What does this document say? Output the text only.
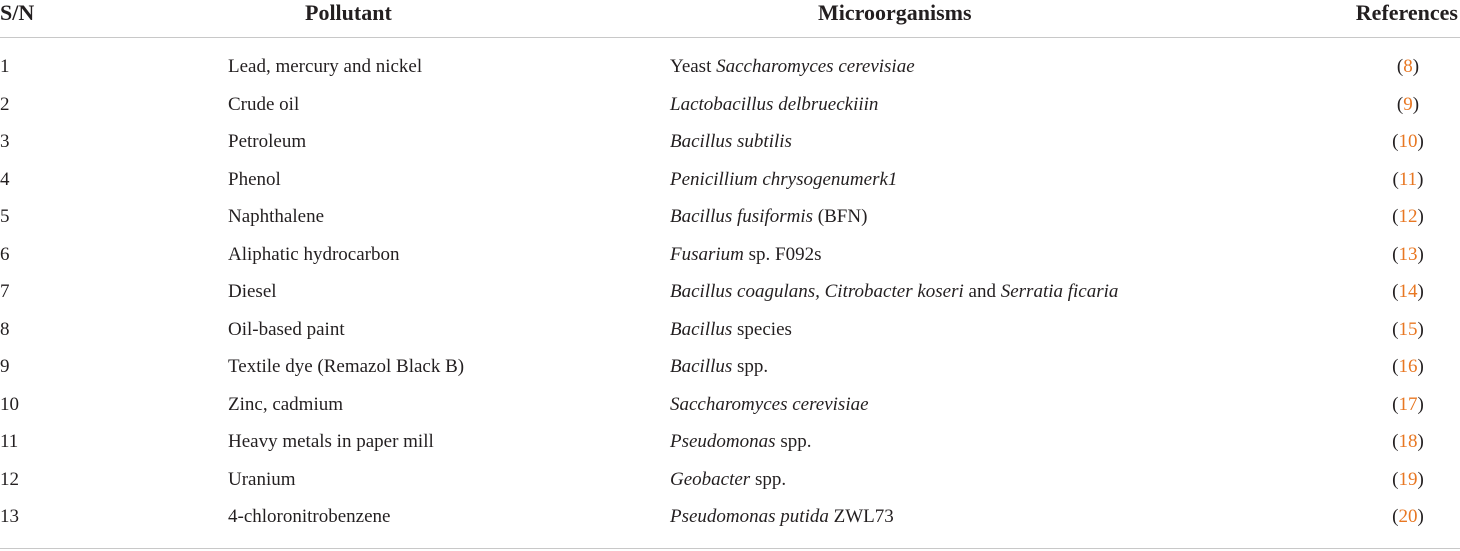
S/N	Pollutant	Microorganisms	References
1	Lead, mercury and nickel	Yeast Saccharomyces cerevisiae	(8)
2	Crude oil	Lactobacillus delbrueckiiin	(9)
3	Petroleum	Bacillus subtilis	(10)
4	Phenol	Penicillium chrysogenumerk1	(11)
5	Naphthalene	Bacillus fusiformis (BFN)	(12)
6	Aliphatic hydrocarbon	Fusarium sp. F092s	(13)
7	Diesel	Bacillus coagulans, Citrobacter koseri and Serratia ficaria	(14)
8	Oil-based paint	Bacillus species	(15)
9	Textile dye (Remazol Black B)	Bacillus spp.	(16)
10	Zinc, cadmium	Saccharomyces cerevisiae	(17)
11	Heavy metals in paper mill	Pseudomonas spp.	(18)
12	Uranium	Geobacter spp.	(19)
13	4-chloronitrobenzene	Pseudomonas putida ZWL73	(20)
